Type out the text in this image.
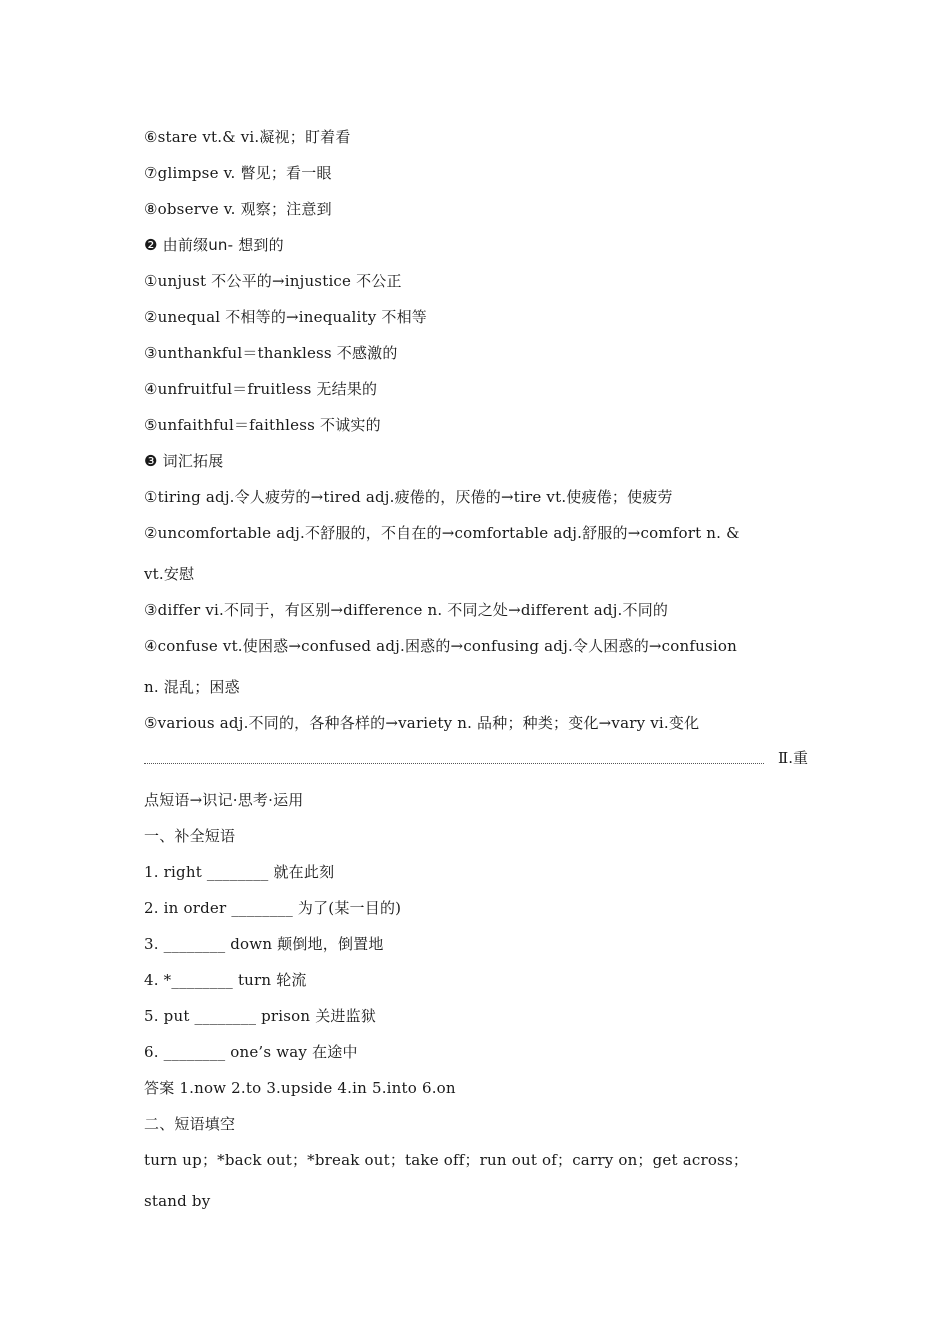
⑥stare vt.& vi.凝视；盯着看
⑦glimpse v. 瞥见；看一眼
⑧observe v. 观察；注意到
❷ 由前缀un- 想到的
①unjust 不公平的→injustice 不公正
②unequal 不相等的→inequality 不相等
③unthankful＝thankless 不感激的
④unfruitful＝fruitless 无结果的
⑤unfaithful＝faithless 不诚实的
❸ 词汇拓展
①tiring adj.令人疲劳的→tired adj.疲倦的，厌倦的→tire vt.使疲倦；使疲劳
②uncomfortable adj.不舒服的，不自在的→comfortable adj.舒服的→comfort n. &
vt.安慰
③differ vi.不同于，有区别→difference n. 不同之处→different adj.不同的
④confuse vt.使困惑→confused adj.困惑的→confusing adj.令人困惑的→confusion
n. 混乱；困惑
⑤various adj.不同的，各种各样的→variety n. 品种；种类；变化→vary vi.变化
Ⅱ.重
点短语→识记·思考·运用
一、补全短语
1. right ________ 就在此刻
2. in order ________ 为了(某一目的)
3. ________ down 颠倒地，倒置地
4. *________ turn 轮流
5. put ________ prison 关进监狱
6. ________ one’s way 在途中
答案 1.now 2.to 3.upside 4.in 5.into 6.on
二、短语填空
turn up；*back out；*break out；take off；run out of；carry on；get across；
stand by
